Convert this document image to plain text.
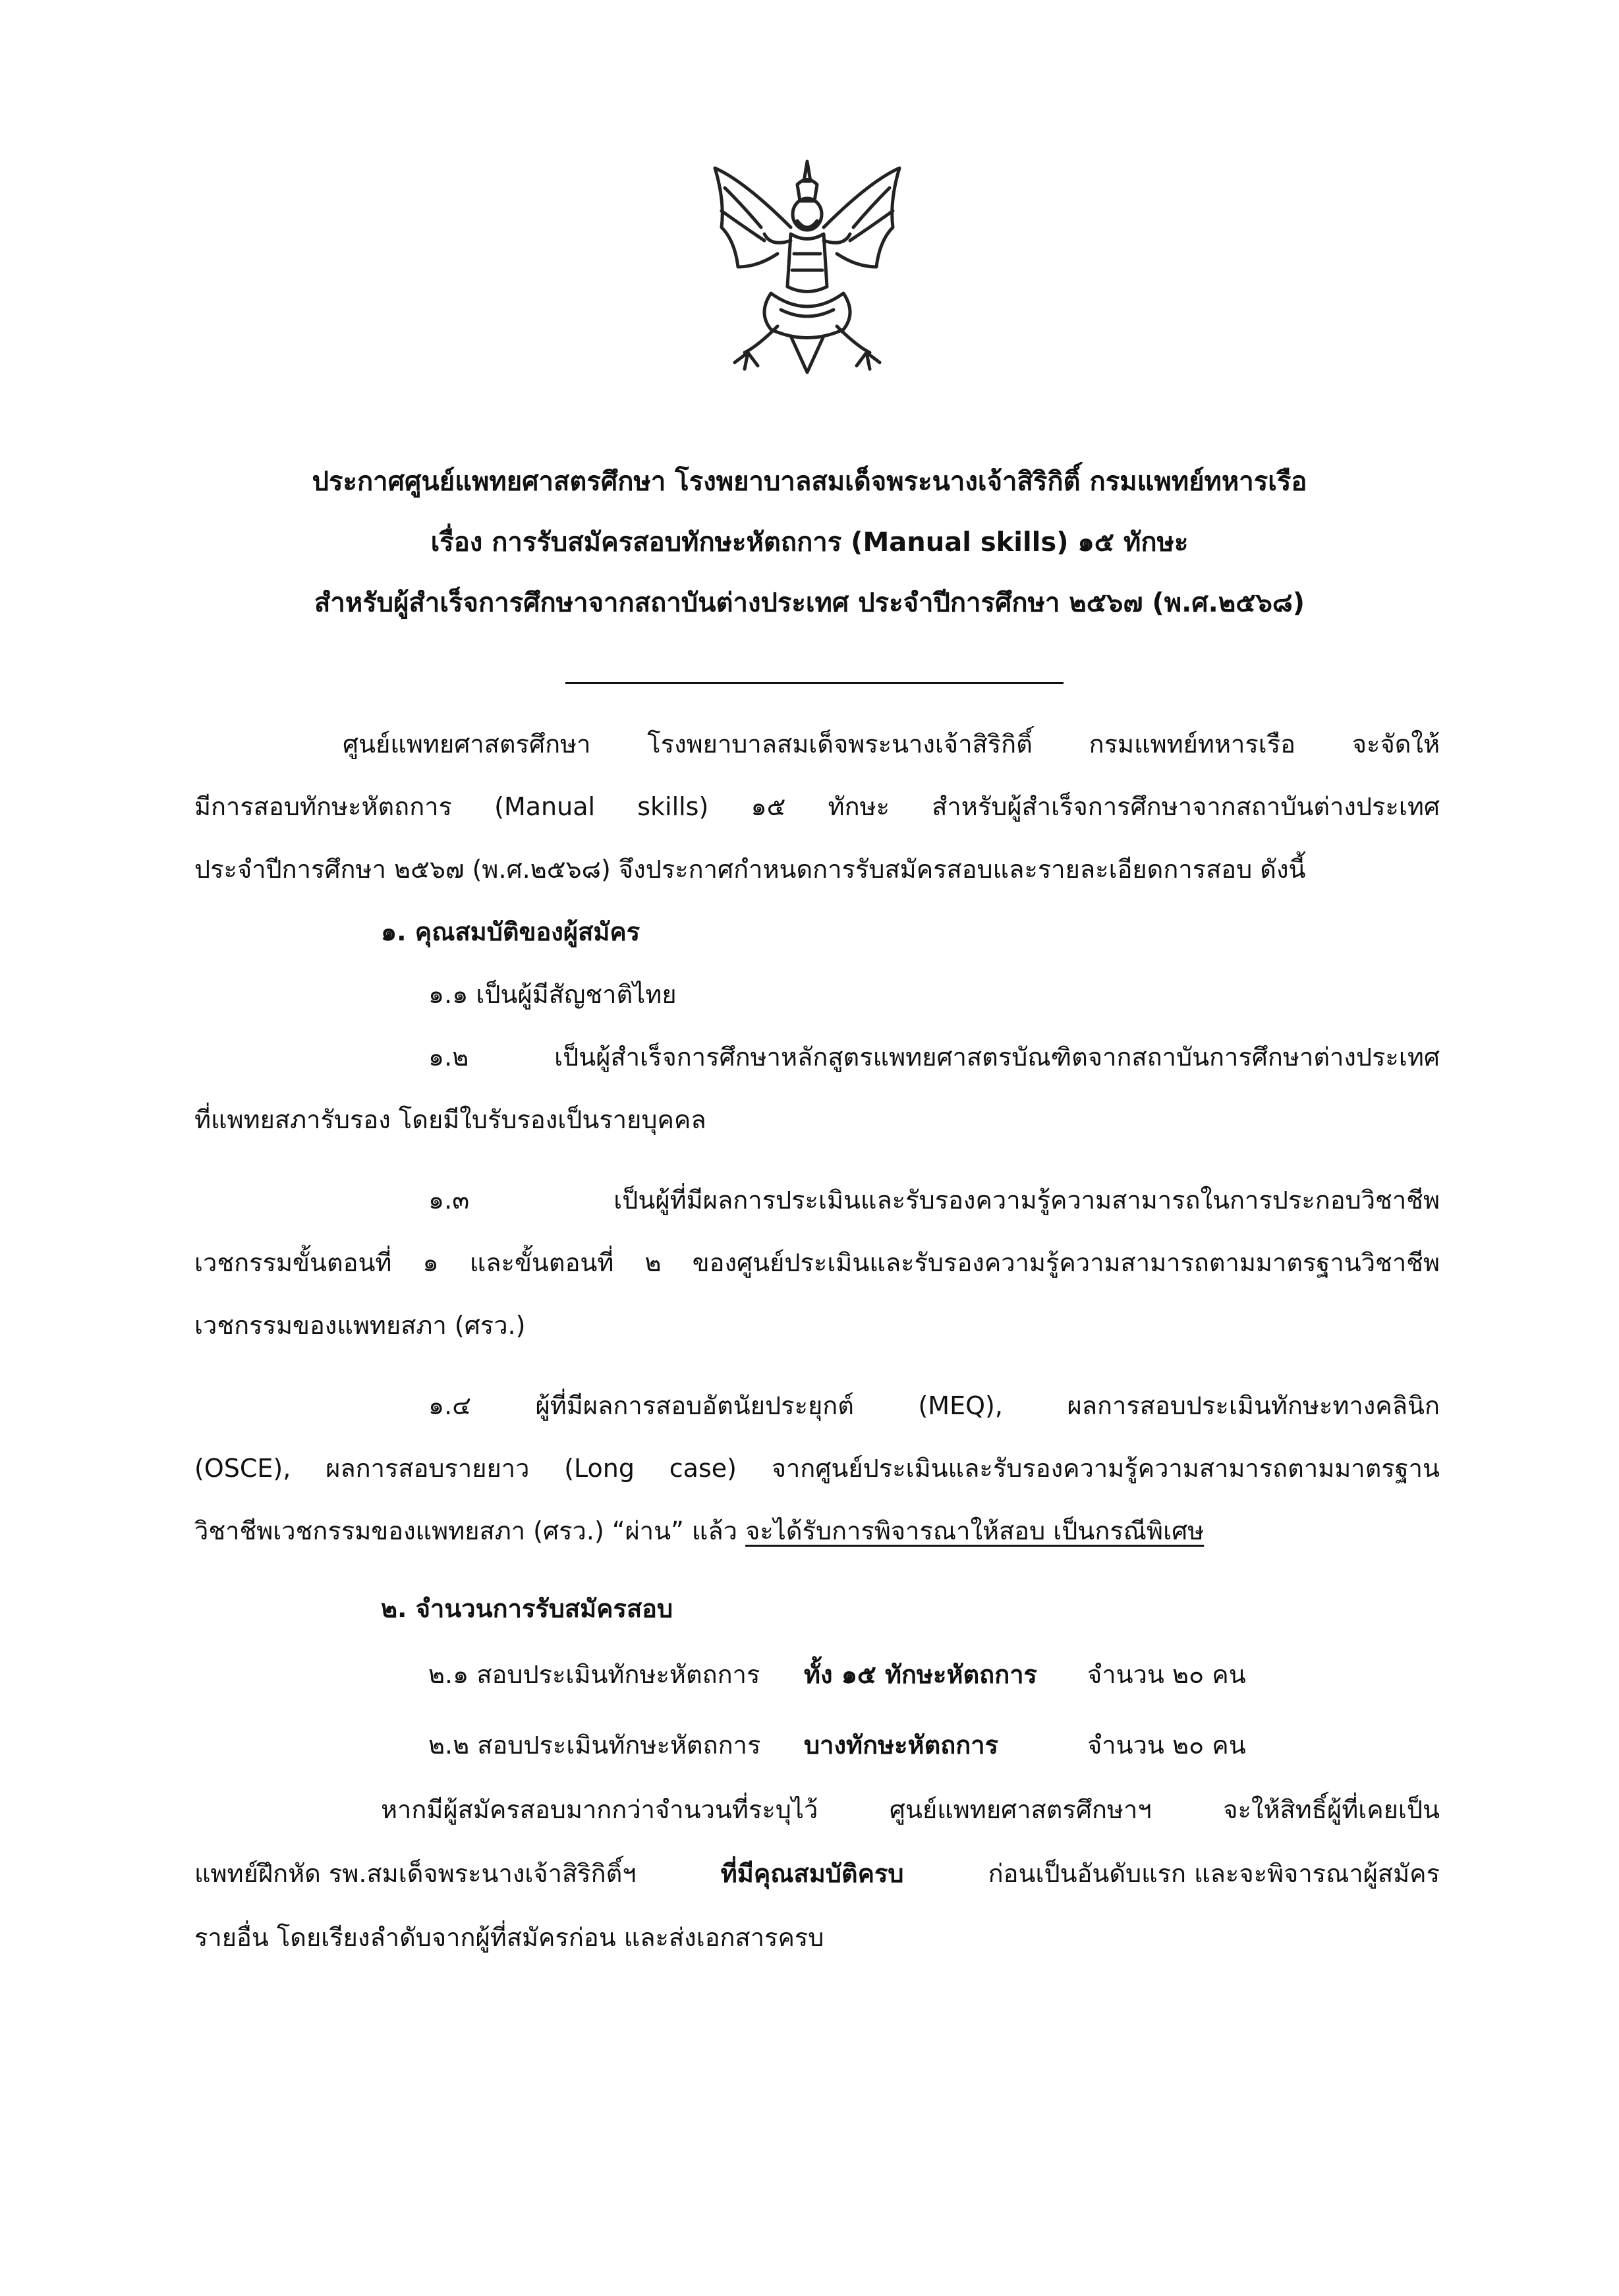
ประกาศศูนย์แพทยศาสตรศึกษา โรงพยาบาลสมเด็จพระนางเจ้าสิริกิติ์ กรมแพทย์ทหารเรือ
เรื่อง การรับสมัครสอบทักษะหัตถการ (Manual skills) ๑๕ ทักษะ
สำหรับผู้สำเร็จการศึกษาจากสถาบันต่างประเทศ ประจำปีการศึกษา ๒๕๖๗ (พ.ศ.๒๕๖๘)
ศูนย์แพทยศาสตรศึกษา โรงพยาบาลสมเด็จพระนางเจ้าสิริกิติ์ กรมแพทย์ทหารเรือ จะจัดให้
มีการสอบทักษะหัตถการ (Manual skills) ๑๕ ทักษะ สำหรับผู้สำเร็จการศึกษาจากสถาบันต่างประเทศ
ประจำปีการศึกษา ๒๕๖๗ (พ.ศ.๒๕๖๘) จึงประกาศกำหนดการรับสมัครสอบและรายละเอียดการสอบ ดังนี้
๑. คุณสมบัติของผู้สมัคร
๑.๑ เป็นผู้มีสัญชาติไทย
๑.๒ เป็นผู้สำเร็จการศึกษาหลักสูตรแพทยศาสตรบัณฑิตจากสถาบันการศึกษาต่างประเทศ
ที่แพทยสภารับรอง โดยมีใบรับรองเป็นรายบุคคล
๑.๓ เป็นผู้ที่มีผลการประเมินและรับรองความรู้ความสามารถในการประกอบวิชาชีพ
เวชกรรมขั้นตอนที่ ๑ และขั้นตอนที่ ๒ ของศูนย์ประเมินและรับรองความรู้ความสามารถตามมาตรฐานวิชาชีพ
เวชกรรมของแพทยสภา (ศรว.)
๑.๔ ผู้ที่มีผลการสอบอัตนัยประยุกต์ (MEQ), ผลการสอบประเมินทักษะทางคลินิก
(OSCE), ผลการสอบรายยาว (Long case) จากศูนย์ประเมินและรับรองความรู้ความสามารถตามมาตรฐาน
วิชาชีพเวชกรรมของแพทยสภา (ศรว.) “ผ่าน” แล้ว จะได้รับการพิจารณาให้สอบ เป็นกรณีพิเศษ
๒. จำนวนการรับสมัครสอบ
๒.๑ สอบประเมินทักษะหัตถการ ทั้ง ๑๕ ทักษะหัตถการ จำนวน ๒๐ คน
๒.๒ สอบประเมินทักษะหัตถการ บางทักษะหัตถการ	จำนวน ๒๐ คน
หากมีผู้สมัครสอบมากกว่าจำนวนที่ระบุไว้ ศูนย์แพทยศาสตรศึกษาฯ จะให้สิทธิ์ผู้ที่เคยเป็น
แพทย์ฝึกหัด รพ.สมเด็จพระนางเจ้าสิริกิติ์ฯ	ที่มีคุณสมบัติครบ	ก่อนเป็นอันดับแรก และจะพิจารณาผู้สมัคร
รายอื่น โดยเรียงลำดับจากผู้ที่สมัครก่อน และส่งเอกสารครบ
